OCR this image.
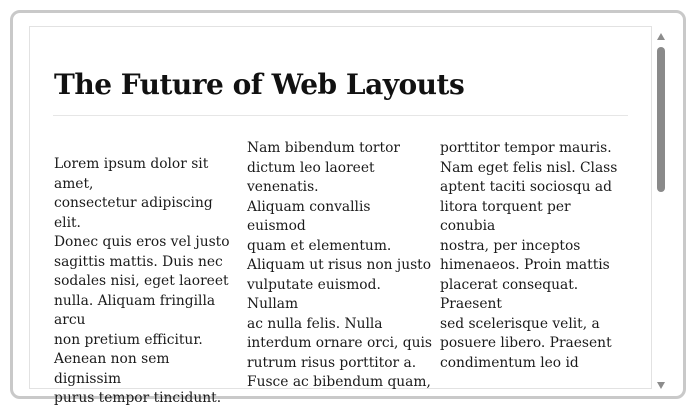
The Future of Web Layouts

Lorem ipsum dolor sit amet,
consectetur adipiscing elit.
Donec quis eros vel justo
sagittis mattis. Duis nec
sodales nisi, eget laoreet
nulla. Aliquam fringilla arcu
non pretium efficitur.
Aenean non sem dignissim
purus tempor tincidunt.

Nam bibendum tortor
dictum leo laoreet venenatis.
Aliquam convallis euismod
quam et elementum.
Aliquam ut risus non justo
vulputate euismod. Nullam
ac nulla felis. Nulla
interdum ornare orci, quis
rutrum risus porttitor a.
Fusce ac bibendum quam,

porttitor tempor mauris.
Nam eget felis nisl. Class
aptent taciti sociosqu ad
litora torquent per conubia
nostra, per inceptos
himenaeos. Proin mattis
placerat consequat. Praesent
sed scelerisque velit, a
posuere libero. Praesent
condimentum leo id
